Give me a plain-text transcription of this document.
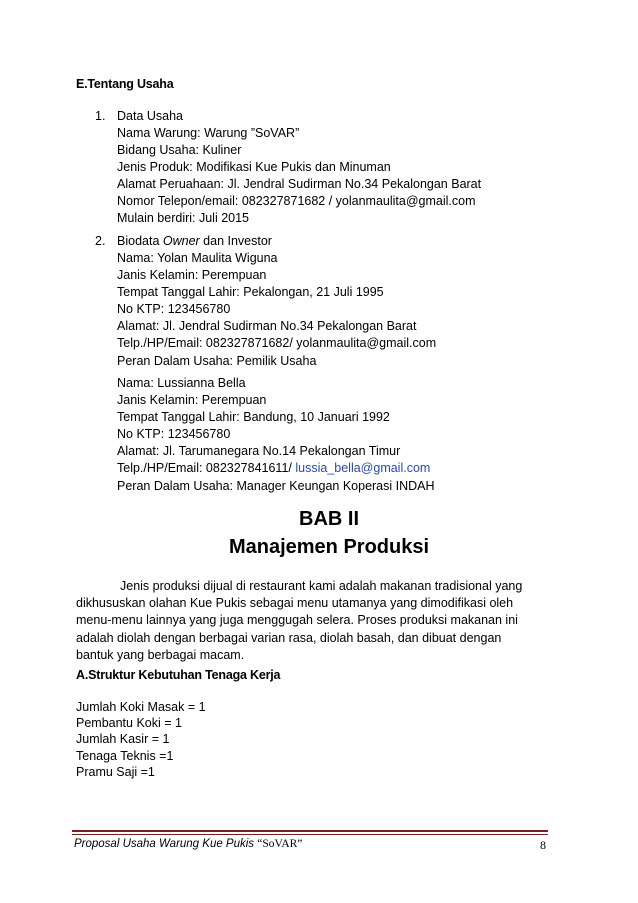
E.Tentang Usaha
1. Data Usaha
Nama Warung: Warung ”SoVAR”
Bidang Usaha: Kuliner
Jenis Produk: Modifikasi Kue Pukis dan Minuman
Alamat Peruahaan: Jl. Jendral Sudirman No.34 Pekalongan Barat
Nomor Telepon/email: 082327871682 / yolanmaulita@gmail.com
Mulain berdiri: Juli 2015
2. Biodata Owner dan Investor
Nama: Yolan Maulita Wiguna
Janis Kelamin: Perempuan
Tempat Tanggal Lahir: Pekalongan, 21 Juli 1995
No KTP: 123456780
Alamat: Jl. Jendral Sudirman No.34 Pekalongan Barat
Telp./HP/Email: 082327871682/ yolanmaulita@gmail.com
Peran Dalam Usaha: Pemilik Usaha
Nama: Lussianna Bella
Janis Kelamin: Perempuan
Tempat Tanggal Lahir: Bandung, 10 Januari 1992
No KTP: 123456780
Alamat: Jl. Tarumanegara No.14 Pekalongan Timur
Telp./HP/Email: 082327841611/ lussia_bella@gmail.com
Peran Dalam Usaha: Manager Keungan Koperasi INDAH
BAB II
Manajemen Produksi
Jenis produksi dijual di restaurant kami adalah makanan tradisional yang
dikhususkan olahan Kue Pukis sebagai menu utamanya yang dimodifikasi oleh
menu-menu lainnya yang juga menggugah selera. Proses produksi makanan ini
adalah diolah dengan berbagai varian rasa, diolah basah, dan dibuat dengan
bantuk yang berbagai macam.
A.Struktur Kebutuhan Tenaga Kerja
Jumlah Koki Masak = 1
Pembantu Koki = 1
Jumlah Kasir = 1
Tenaga Teknis =1
Pramu Saji =1
Proposal Usaha Warung Kue Pukis “SoVAR”	8
